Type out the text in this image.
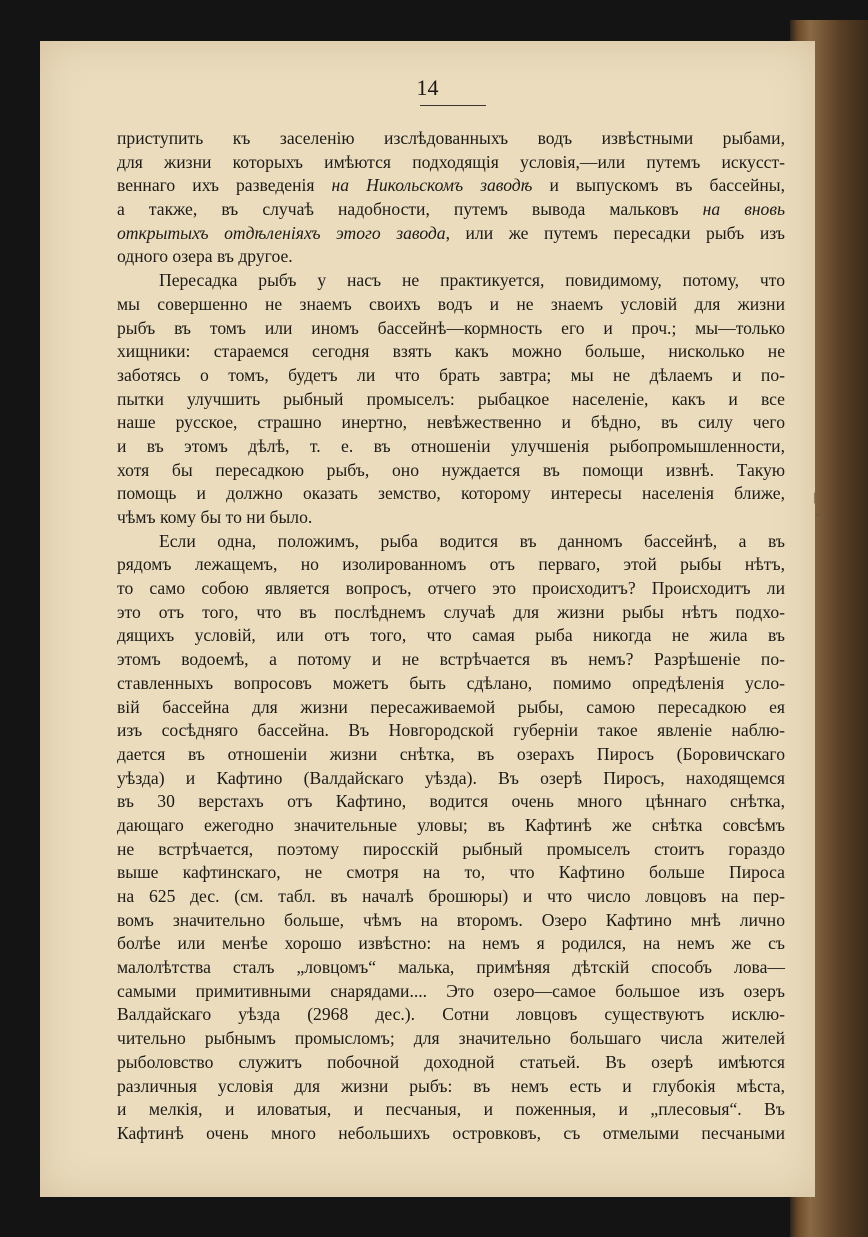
14
приступить къ заселенію изслѣдованныхъ водъ извѣстными рыбами,
для жизни которыхъ имѣются подходящія условія,—или путемъ искусст-
веннаго ихъ разведенія на Никольскомъ заводѣ и выпускомъ въ бассейны,
а также, въ случаѣ надобности, путемъ вывода мальковъ на вновь
открытыхъ отдѣленіяхъ этого завода, или же путемъ пересадки рыбъ изъ
одного озера въ другое.
Пересадка рыбъ у насъ не практикуется, повидимому, потому, что
мы совершенно не знаемъ своихъ водъ и не знаемъ условій для жизни
рыбъ въ томъ или иномъ бассейнѣ—кормность его и проч.; мы—только
хищники: стараемся сегодня взять какъ можно больше, нисколько не
заботясь о томъ, будетъ ли что брать завтра; мы не дѣлаемъ и по-
пытки улучшить рыбный промыселъ: рыбацкое населеніе, какъ и все
наше русское, страшно инертно, невѣжественно и бѣдно, въ силу чего
и въ этомъ дѣлѣ, т. е. въ отношеніи улучшенія рыбопромышленности,
хотя бы пересадкою рыбъ, оно нуждается въ помощи извнѣ. Такую
помощь и должно оказать земство, которому интересы населенія ближе,
чѣмъ кому бы то ни было.
Если одна, положимъ, рыба водится въ данномъ бассейнѣ, а въ
рядомъ лежащемъ, но изолированномъ отъ перваго, этой рыбы нѣтъ,
то само собою является вопросъ, отчего это происходитъ? Происходитъ ли
это отъ того, что въ послѣднемъ случаѣ для жизни рыбы нѣтъ подхо-
дящихъ условій, или отъ того, что самая рыба никогда не жила въ
этомъ водоемѣ, а потому и не встрѣчается въ немъ? Разрѣшеніе по-
ставленныхъ вопросовъ можетъ быть сдѣлано, помимо опредѣленія усло-
вій бассейна для жизни пересаживаемой рыбы, самою пересадкою ея
изъ сосѣдняго бассейна. Въ Новгородской губерніи такое явленіе наблю-
дается въ отношеніи жизни снѣтка, въ озерахъ Пиросъ (Боровичскаго
уѣзда) и Кафтино (Валдайскаго уѣзда). Въ озерѣ Пиросъ, находящемся
въ 30 верстахъ отъ Кафтино, водится очень много цѣннаго снѣтка,
дающаго ежегодно значительные уловы; въ Кафтинѣ же снѣтка совсѣмъ
не встрѣчается, поэтому пиросскій рыбный промыселъ стоитъ гораздо
выше кафтинскаго, не смотря на то, что Кафтино больше Пироса
на 625 дес. (см. табл. въ началѣ брошюры) и что число ловцовъ на пер-
вомъ значительно больше, чѣмъ на второмъ. Озеро Кафтино мнѣ лично
болѣе или менѣе хорошо извѣстно: на немъ я родился, на немъ же съ
малолѣтства сталъ „ловцомъ“ малька, примѣняя дѣтскій способъ лова—
самыми примитивными снарядами.... Это озеро—самое большое изъ озеръ
Валдайскаго уѣзда (2968 дес.). Сотни ловцовъ существуютъ исклю-
чительно рыбнымъ промысломъ; для значительно большаго числа жителей
рыболовство служитъ побочной доходной статьей. Въ озерѣ имѣются
различныя условія для жизни рыбъ: въ немъ есть и глубокія мѣста,
и мелкія, и иловатыя, и песчаныя, и поженныя, и „плесовыя“. Въ
Кафтинѣ очень много небольшихъ островковъ, съ отмелыми песчаными
|←
